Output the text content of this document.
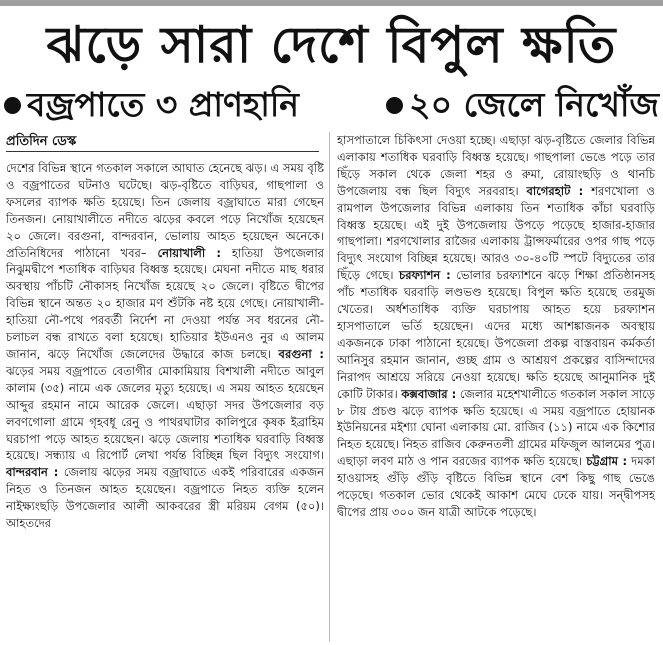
ঝড়ে সারা দেশে বিপুল ক্ষতি
বজ্রপাতে ৩ প্রাণহানি	২০ জেলে নিখোঁজ
প্রতিদিন ডেস্ক

দেশের বিভিন্ন স্থানে গতকাল সকালে আঘাত হেনেছে ঝড়। এ সময় বৃষ্টি ও বজ্রপাতের ঘটনাও ঘটেছে। ঝড়-বৃষ্টিতে বাড়িঘর, গাছপালা ও ফসলের ব্যাপক ক্ষতি হয়েছে। তিন জেলায় বজ্রাঘাতে মারা গেছেন তিনজন। নোয়াখালীতে নদীতে ঝড়ের কবলে পড়ে নিখোঁজ হয়েছেন ২০ জেলে। বরগুনা, বান্দরবান, ভোলায় আহত হয়েছেন অনেকে। প্রতিনিধিদের পাঠানো খবর– নোয়াখালী : হাতিয়া উপজেলার নিঝুমদ্বীপে শতাধিক বাড়িঘর বিধ্বস্ত হয়েছে। মেঘনা নদীতে মাছ ধরার অবস্থায় পাঁচটি নৌকাসহ নিখোঁজ হয়েছে ২০ জেলে। বৃষ্টিতে দ্বীপের বিভিন্ন স্থানে অন্তত ২০ হাজার মণ শুঁটকি নষ্ট হয়ে গেছে। নোয়াখালী-হাতিয়া নৌ-পথে পরবর্তী নির্দেশ না দেওয়া পর্যন্ত সব ধরনের নৌ-চলাচল বন্ধ রাখতে বলা হয়েছে। হাতিয়ার ইউএনও নুর এ আলম জানান, ঝড়ে নিখোঁজ জেলেদের উদ্ধারে কাজ চলছে। বরগুনা : ঝড়ের সময় বজ্রপাতে বেতাগীর মোকামিয়ায় বিশখালী নদীতে আবুল কালাম (৩৫) নামে এক জেলের মৃত্যু হয়েছে। এ সময় আহত হয়েছেন আব্দুর রহমান নামে আরেক জেলে। এছাড়া সদর উপজেলার বড় লবণগোলা গ্রামে গৃহবধূ রেনু ও পাথরঘাটার কালিপুরে কৃষক ইব্রাহিম ঘরচাপা পড়ে আহত হয়েছেন। ঝড়ে জেলায় শতাধিক ঘরবাড়ি বিধ্বস্ত হয়েছে। সন্ধ্যায় এ রিপোর্ট লেখা পর্যন্ত বিচ্ছিন্ন ছিল বিদ্যুৎ সংযোগ। বান্দরবান : জেলায় ঝড়ের সময় বজ্রাঘাতে একই পরিবারের একজন নিহত ও তিনজন আহত হয়েছেন। বজ্রপাতে নিহত ব্যক্তি হলেন নাইক্ষ্যংছড়ি উপজেলার আলী আকবরের স্ত্রী মরিয়ম বেগম (৫০)। আহতদের

হাসপাতালে চিকিৎসা দেওয়া হচ্ছে। এছাড়া ঝড়-বৃষ্টিতে জেলার বিভিন্ন এলাকায় শতাধিক ঘরবাড়ি বিধ্বস্ত হয়েছে। গাছপালা ভেঙে পড়ে তার ছিঁড়ে সকাল থেকে জেলা শহর ও রুমা, রোয়াংছড়ি ও থানচি উপজেলায় বন্ধ ছিল বিদ্যুৎ সরবরাহ। বাগেরহাট : শরণখোলা ও রামপাল উপজেলার বিভিন্ন এলাকায় তিন শতাধিক কাঁচা ঘরবাড়ি বিধ্বস্ত হয়েছে। এই দুই উপজেলায় উপড়ে পড়েছে হাজার-হাজার গাছপালা। শরণখোলার রাজৈর এলাকায় ট্রান্সফর্মারের ওপর গাছ পড়ে বিদ্যুৎ সংযোগ বিচ্ছিন্ন হয়েছে। আরও ৩০-৪০টি স্পটে বিদ্যুতের তার ছিঁড়ে গেছে। চরফ্যাশন : ভোলার চরফ্যাশনে ঝড়ে শিক্ষা প্রতিষ্ঠানসহ পাঁচ শতাধিক ঘরবাড়ি লণ্ডভণ্ড হয়েছে। বিপুল ক্ষতি হয়েছে তরমুজ খেতের। অর্ধশতাধিক ব্যক্তি ঘরচাপায় আহত হয়ে চরফ্যাশন হাসপাতালে ভর্তি হয়েছেন। এদের মধ্যে আশঙ্কাজনক অবস্থায় একজনকে ঢাকা পাঠানো হয়েছে। উপজেলা প্রকল্প বাস্তবায়ন কর্মকর্তা আনিসুর রহমান জানান, গুচ্ছ গ্রাম ও আশ্রয়ণ প্রকল্পের বাসিন্দাদের নিরাপদ আশ্রয়ে সরিয়ে নেওয়া হয়েছে। ক্ষতি হয়েছে আনুমানিক দুই কোটি টাকার। কক্সবাজার : জেলার মহেশখালীতে গতকাল সকাল সাড়ে ৮ টায় প্রচণ্ড ঝড়ে ব্যাপক ক্ষতি হয়েছে। এ সময় বজ্রপাতে হোয়ানক ইউনিয়নের মইশ্যা ঘোনা এলাকায় মো. রাজিব (১১) নামে এক কিশোর নিহত হয়েছে। নিহত রাজিব কেরুনতলী গ্রামের মফিজুল আলমের পুত্র। এছাড়া লবণ মাঠ ও পান বরজের ব্যাপক ক্ষতি হয়েছে। চট্টগ্রাম : দমকা হাওয়াসহ গুঁড়ি গুঁড়ি বৃষ্টিতে বিভিন্ন স্থানে বেশ কিছু গাছ ভেঙে পড়েছে। গতকাল ভোর থেকেই আকাশ মেঘে ঢেকে যায়। সন্দ্বীপসহ দ্বীপের প্রায় ৩০০ জন যাত্রী আটকে পড়েছে।
